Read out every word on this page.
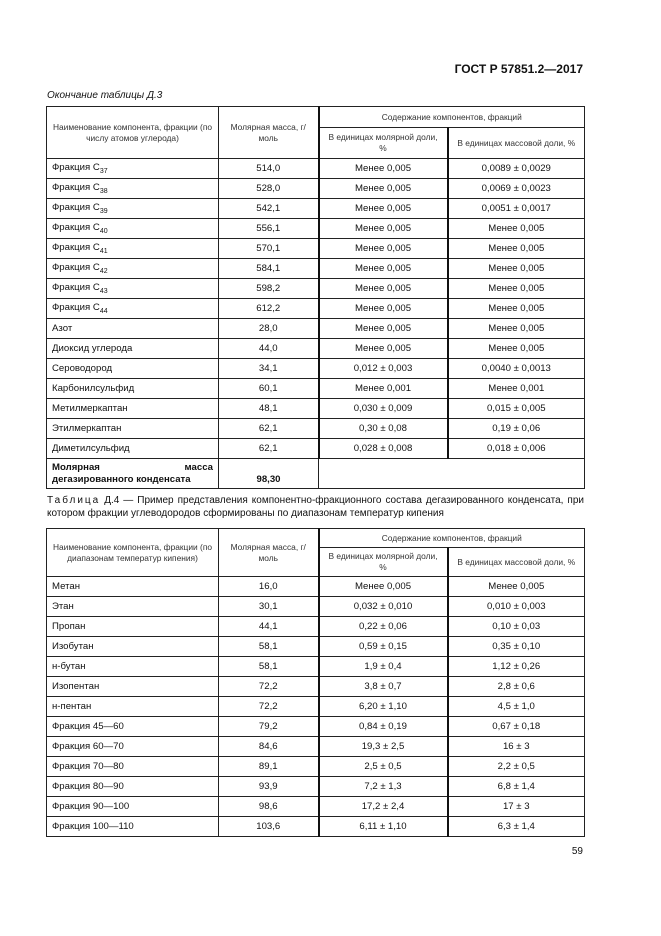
ГОСТ Р 57851.2—2017
Окончание таблицы Д.3
Наименование компонента, фракции (по числу атомов углерода)	Молярная масса, г/моль	Содержание компонентов, фракций	
		В единицах молярной доли, %	В единицах массовой доли, %
Фракция $C_{37}$	514,0	Менее 0,005	0,0089 ± 0,0029
Фракция $C_{38}$	528,0	Менее 0,005	0,0069 ± 0,0023
Фракция $C_{39}$	542,1	Менее 0,005	0,0051 ± 0,0017
Фракция $C_{40}$	556,1	Менее 0,005	Менее 0,005
Фракция $C_{41}$	570,1	Менее 0,005	Менее 0,005
Фракция $C_{42}$	584,1	Менее 0,005	Менее 0,005
Фракция $C_{43}$	598,2	Менее 0,005	Менее 0,005
Фракция $C_{44}$	612,2	Менее 0,005	Менее 0,005
Азот	28,0	Менее 0,005	Менее 0,005
Диоксид углерода	44,0	Менее 0,005	Менее 0,005
Сероводород	34,1	0,012 ± 0,003	0,0040 ± 0,0013
Карбонилсульфид	60,1	Менее 0,001	Менее 0,001
Метилмеркаптан	48,1	0,030 ± 0,009	0,015 ± 0,005
Этилмеркаптан	62,1	0,30 ± 0,08	0,19 ± 0,06
Диметилсульфид	62,1	0,028 ± 0,008	0,018 ± 0,006
Молярная масса дегазированного конденсата	98,30		
Таблица Д.4 — Пример представления компонентно-фракционного состава дегазированного конденсата, при котором фракции углеводородов сформированы по диапазонам температур кипения
Наименование компонента, фракции (по диапазонам температур кипения)	Молярная масса, г/моль	Содержание компонентов, фракций	
		В единицах молярной доли, %	В единицах массовой доли, %
Метан	16,0	Менее 0,005	Менее 0,005
Этан	30,1	0,032 ± 0,010	0,010 ± 0,003
Пропан	44,1	0,22 ± 0,06	0,10 ± 0,03
Изобутан	58,1	0,59 ± 0,15	0,35 ± 0,10
н-бутан	58,1	1,9 ± 0,4	1,12 ± 0,26
Изопентан	72,2	3,8 ± 0,7	2,8 ± 0,6
н-пентан	72,2	6,20 ± 1,10	4,5 ± 1,0
Фракция 45—60	79,2	0,84 ± 0,19	0,67 ± 0,18
Фракция 60—70	84,6	19,3 ± 2,5	16 ± 3
Фракция 70—80	89,1	2,5 ± 0,5	2,2 ± 0,5
Фракция 80—90	93,9	7,2 ± 1,3	6,8 ± 1,4
Фракция 90—100	98,6	17,2 ± 2,4	17 ± 3
Фракция 100—110	103,6	6,11 ± 1,10	6,3 ± 1,4
59
